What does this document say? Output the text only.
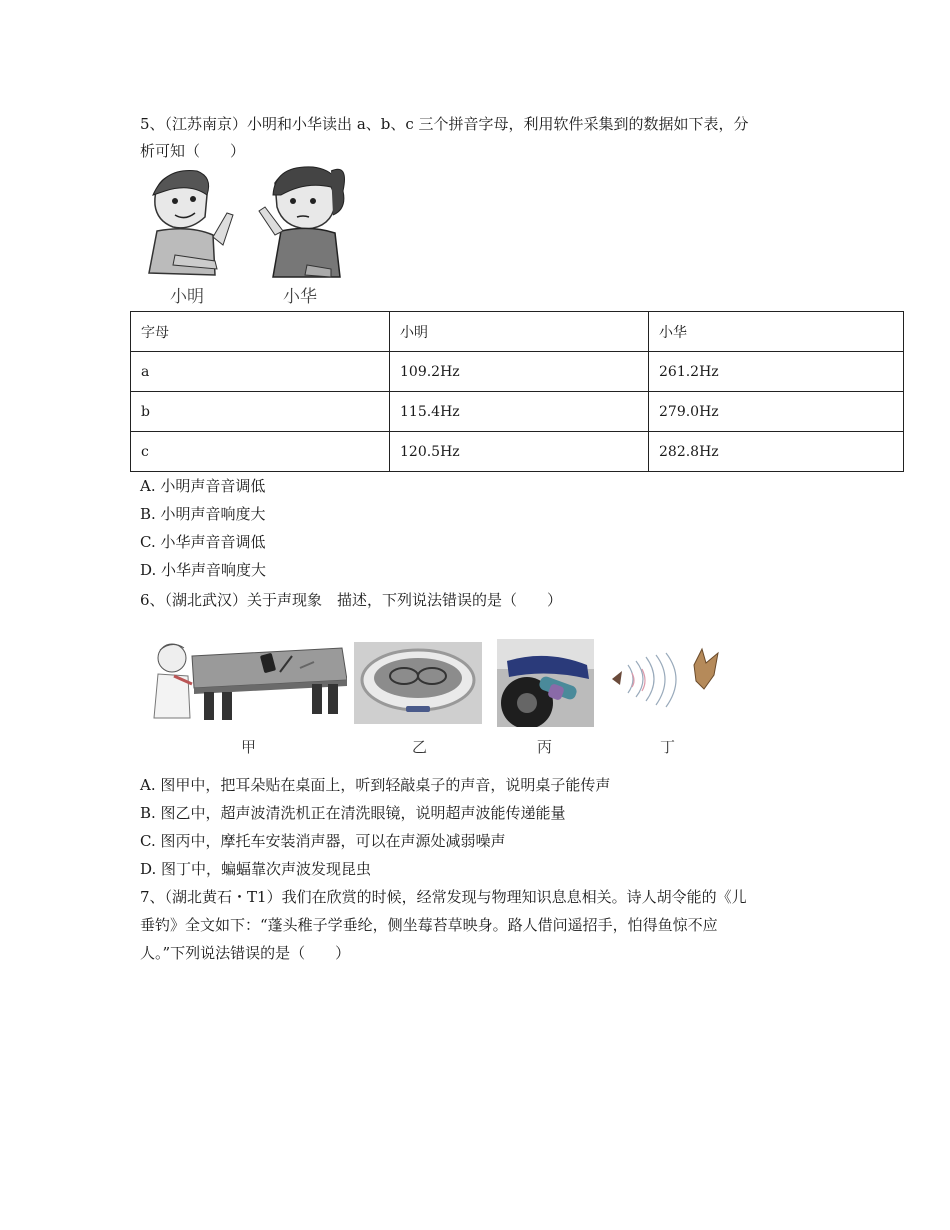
5、（江苏南京）小明和小华读出 a、b、c 三个拼音字母，利用软件采集到的数据如下表，分
析可知（　　）
小明	小华
字母	小明	小华
a	109.2Hz	261.2Hz
b	115.4Hz	279.0Hz
c	120.5Hz	282.8Hz
A. 小明声音音调低
B. 小明声音响度大
C. 小华声音音调低
D. 小华声音响度大
6、（湖北武汉）关于声现象　描述，下列说法错误的是（　　）
甲	乙	丙	丁
A. 图甲中，把耳朵贴在桌面上，听到轻敲桌子的声音，说明桌子能传声
B. 图乙中，超声波清洗机正在清洗眼镜，说明超声波能传递能量
C. 图丙中，摩托车安装消声器，可以在声源处减弱噪声
D. 图丁中，蝙蝠靠次声波发现昆虫
7、（湖北黄石・T1）我们在欣赏的时候，经常发现与物理知识息息相关。诗人胡令能的《儿
垂钓》全文如下：“蓬头稚子学垂纶，侧坐莓苔草映身。路人借问遥招手，怕得鱼惊不应
人。”下列说法错误的是（　　）
